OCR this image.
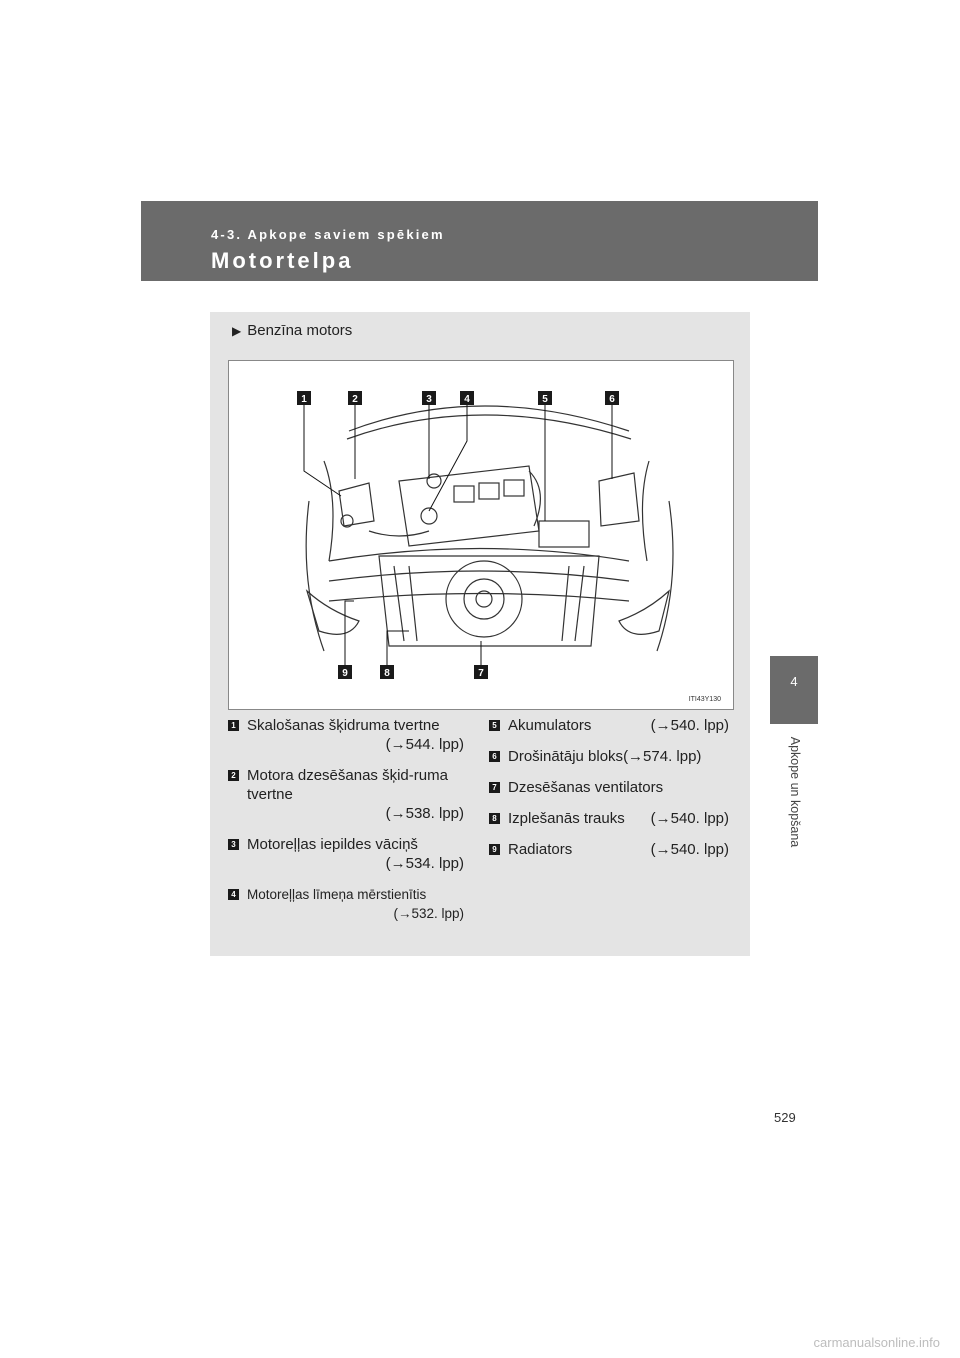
4-3. Apkope saviem spēkiem
Motortelpa
4
Apkope un kopšana
▶ Benzīna motors
1	2	3	4	5	6
7
8
9
ITI43Y130
1 Skalošanas šķidruma tvertne
(→544. lpp)
2 Motora dzesēšanas šķid-ruma tvertne
(→538. lpp)
3 Motoreļļas iepildes vāciņš
(→534. lpp)
4 Motoreļļas līmeņa mērstienītis
(→532. lpp)
5 Akumulators	(→540. lpp)
6 Drošinātāju bloks(→574. lpp)
7 Dzesēšanas ventilators
8 Izplešanās trauks (→540. lpp)
9 Radiators	(→540. lpp)
529
carmanualsonline.info
